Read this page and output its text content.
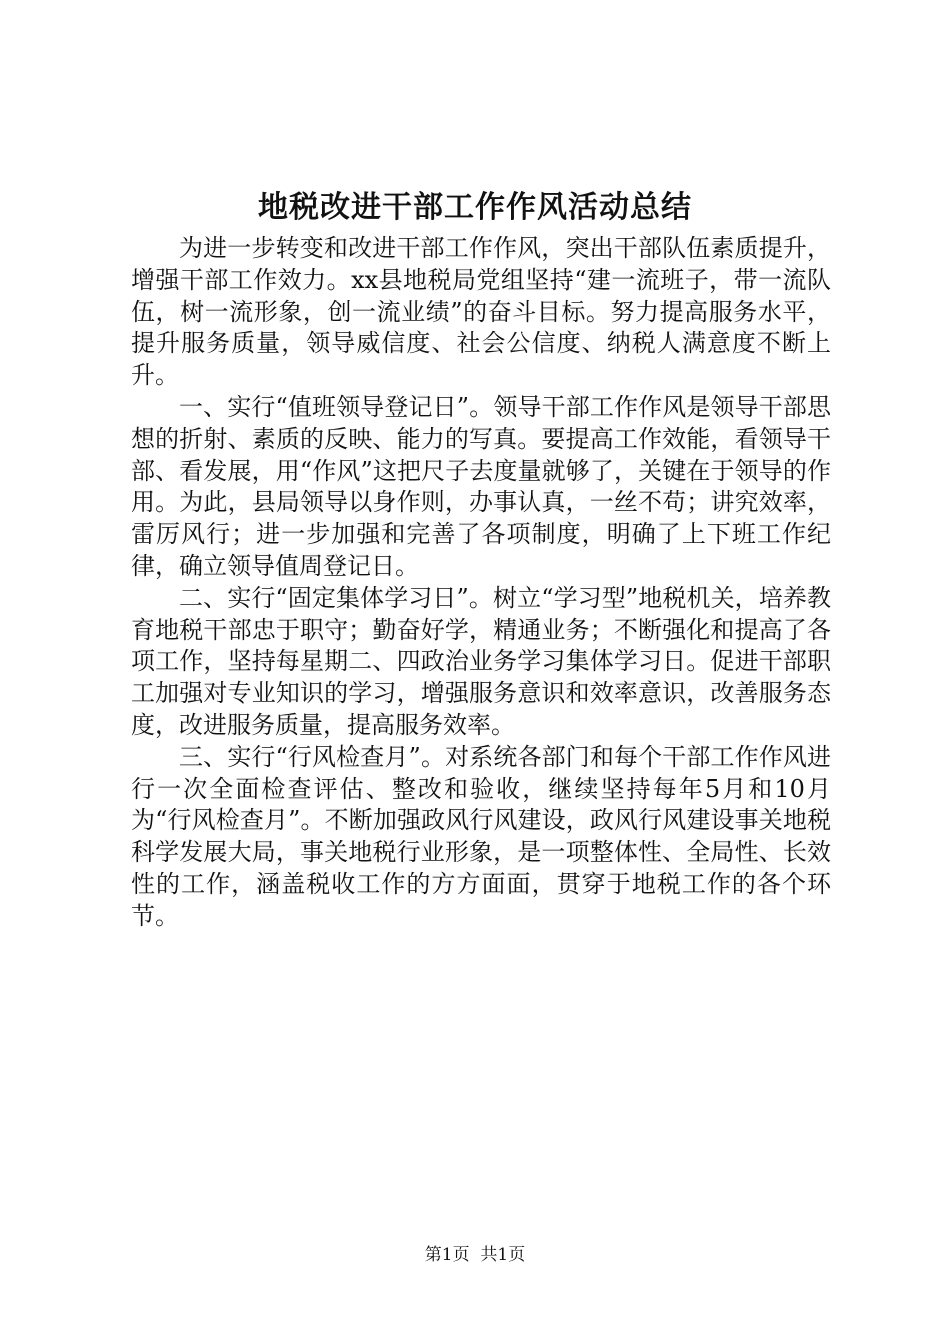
地税改进干部工作作风活动总结

为进一步转变和改进干部工作作风，突出干部队伍素质提升，增强干部工作效力。xx县地税局党组坚持“建一流班子，带一流队伍，树一流形象，创一流业绩”的奋斗目标。努力提高服务水平，提升服务质量，领导威信度、社会公信度、纳税人满意度不断上升。

一、实行“值班领导登记日”。领导干部工作作风是领导干部思想的折射、素质的反映、能力的写真。要提高工作效能，看领导干部、看发展，用“作风”这把尺子去度量就够了，关键在于领导的作用。为此，县局领导以身作则，办事认真，一丝不苟；讲究效率，雷厉风行；进一步加强和完善了各项制度，明确了上下班工作纪律，确立领导值周登记日。

二、实行“固定集体学习日”。树立“学习型”地税机关，培养教育地税干部忠于职守；勤奋好学，精通业务；不断强化和提高了各项工作，坚持每星期二、四政治业务学习集体学习日。促进干部职工加强对专业知识的学习，增强服务意识和效率意识，改善服务态度，改进服务质量，提高服务效率。

三、实行“行风检查月”。对系统各部门和每个干部工作作风进行一次全面检查评估、整改和验收，继续坚持每年5月和10月为“行风检查月”。不断加强政风行风建设，政风行风建设事关地税科学发展大局，事关地税行业形象，是一项整体性、全局性、长效性的工作，涵盖税收工作的方方面面，贯穿于地税工作的各个环节。

第1页 共1页
